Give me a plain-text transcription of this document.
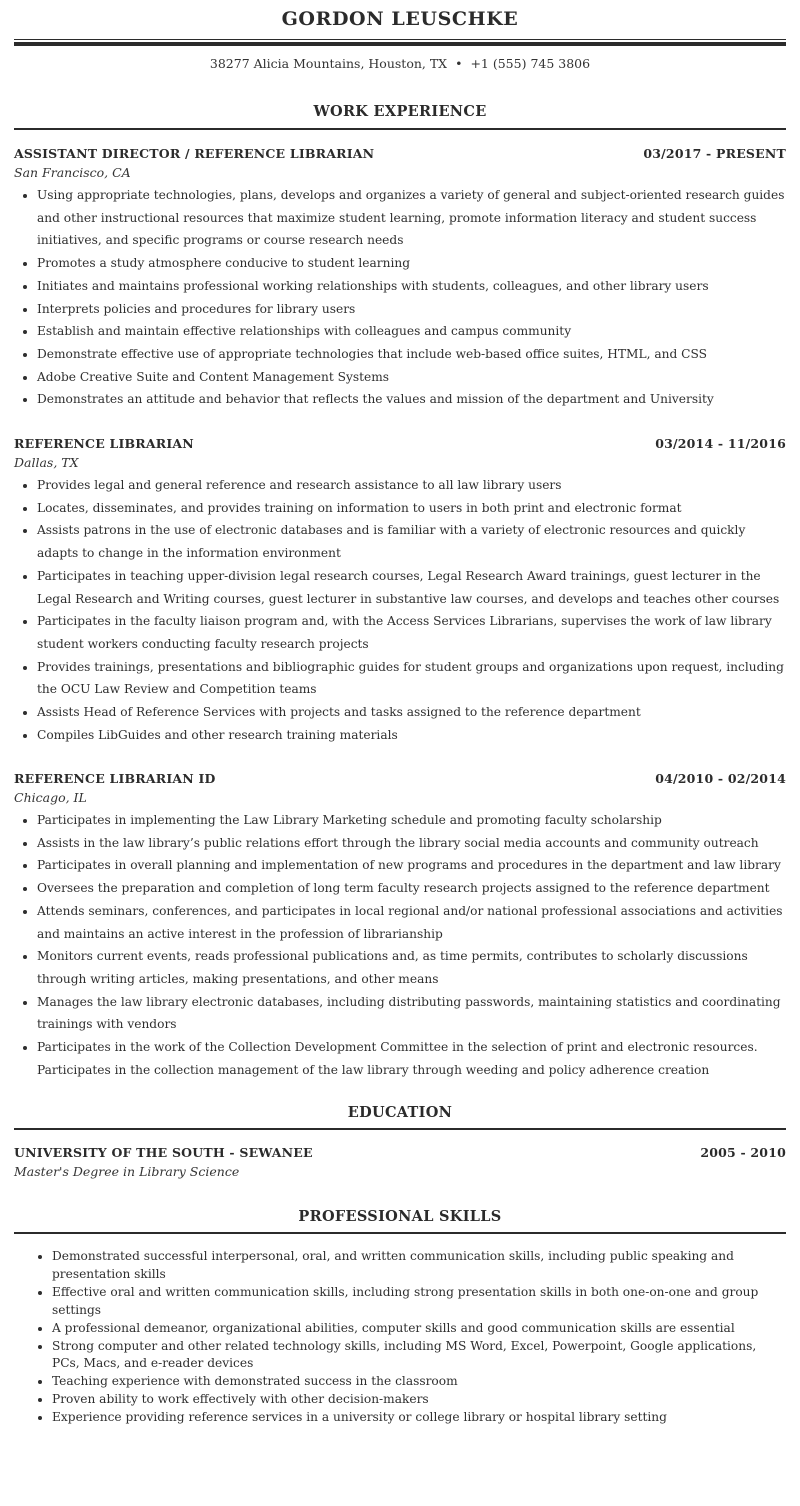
GORDON LEUSCHKE
38277 Alicia Mountains, Houston, TX • +1 (555) 745 3806
WORK EXPERIENCE
ASSISTANT DIRECTOR / REFERENCE LIBRARIAN	03/2017 - PRESENT
San Francisco, CA
• Using appropriate technologies, plans, develops and organizes a variety of general and subject-oriented research guides and other instructional resources that maximize student learning, promote information literacy and student success initiatives, and specific programs or course research needs
• Promotes a study atmosphere conducive to student learning
• Initiates and maintains professional working relationships with students, colleagues, and other library users
• Interprets policies and procedures for library users
• Establish and maintain effective relationships with colleagues and campus community
• Demonstrate effective use of appropriate technologies that include web-based office suites, HTML, and CSS
• Adobe Creative Suite and Content Management Systems
• Demonstrates an attitude and behavior that reflects the values and mission of the department and University
REFERENCE LIBRARIAN	03/2014 - 11/2016
Dallas, TX
• Provides legal and general reference and research assistance to all law library users
• Locates, disseminates, and provides training on information to users in both print and electronic format
• Assists patrons in the use of electronic databases and is familiar with a variety of electronic resources and quickly adapts to change in the information environment
• Participates in teaching upper-division legal research courses, Legal Research Award trainings, guest lecturer in the Legal Research and Writing courses, guest lecturer in substantive law courses, and develops and teaches other courses
• Participates in the faculty liaison program and, with the Access Services Librarians, supervises the work of law library student workers conducting faculty research projects
• Provides trainings, presentations and bibliographic guides for student groups and organizations upon request, including the OCU Law Review and Competition teams
• Assists Head of Reference Services with projects and tasks assigned to the reference department
• Compiles LibGuides and other research training materials
REFERENCE LIBRARIAN ID	04/2010 - 02/2014
Chicago, IL
• Participates in implementing the Law Library Marketing schedule and promoting faculty scholarship
• Assists in the law library’s public relations effort through the library social media accounts and community outreach
• Participates in overall planning and implementation of new programs and procedures in the department and law library
• Oversees the preparation and completion of long term faculty research projects assigned to the reference department
• Attends seminars, conferences, and participates in local regional and/or national professional associations and activities and maintains an active interest in the profession of librarianship
• Monitors current events, reads professional publications and, as time permits, contributes to scholarly discussions through writing articles, making presentations, and other means
• Manages the law library electronic databases, including distributing passwords, maintaining statistics and coordinating trainings with vendors
• Participates in the work of the Collection Development Committee in the selection of print and electronic resources. Participates in the collection management of the law library through weeding and policy adherence creation
EDUCATION
UNIVERSITY OF THE SOUTH - SEWANEE	2005 - 2010
Master's Degree in Library Science
PROFESSIONAL SKILLS
• Demonstrated successful interpersonal, oral, and written communication skills, including public speaking and presentation skills
• Effective oral and written communication skills, including strong presentation skills in both one-on-one and group settings
• A professional demeanor, organizational abilities, computer skills and good communication skills are essential
• Strong computer and other related technology skills, including MS Word, Excel, Powerpoint, Google applications, PCs, Macs, and e-reader devices
• Teaching experience with demonstrated success in the classroom
• Proven ability to work effectively with other decision-makers
• Experience providing reference services in a university or college library or hospital library setting
